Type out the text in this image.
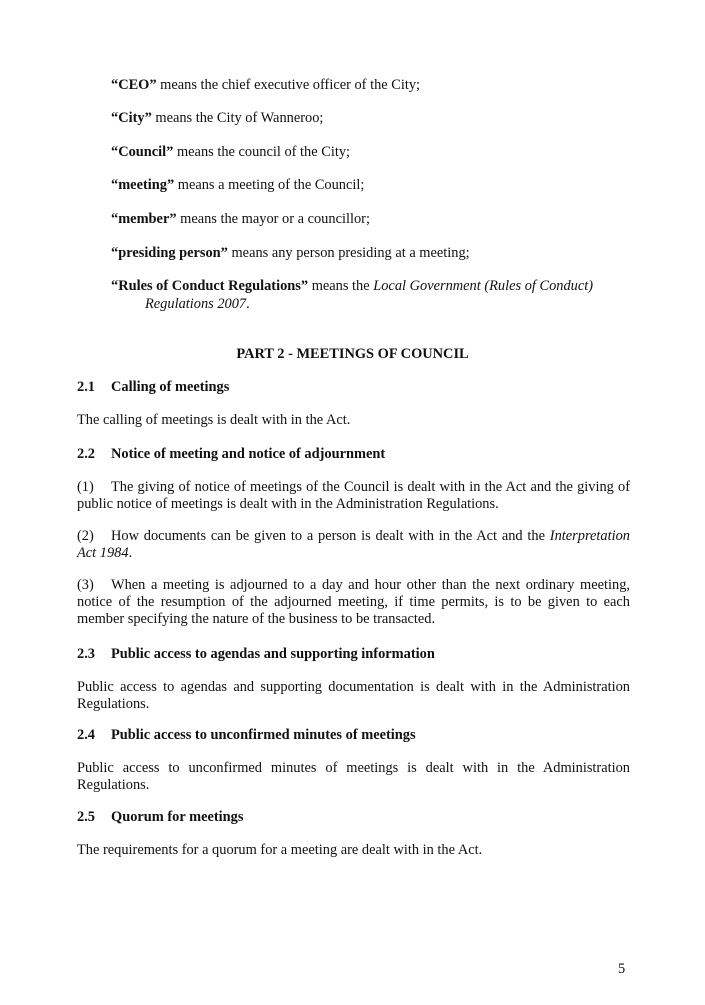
“CEO” means the chief executive officer of the City;
“City” means the City of Wanneroo;
“Council” means the council of the City;
“meeting” means a meeting of the Council;
“member” means the mayor or a councillor;
“presiding person” means any person presiding at a meeting;
“Rules of Conduct Regulations” means the Local Government (Rules of Conduct)
Regulations 2007.
PART 2 - MEETINGS OF COUNCIL
2.1 Calling of meetings
The calling of meetings is dealt with in the Act.
2.2 Notice of meeting and notice of adjournment
(1) The giving of notice of meetings of the Council is dealt with in the Act and the giving of public notice of meetings is dealt with in the Administration Regulations.
(2) How documents can be given to a person is dealt with in the Act and the Interpretation Act 1984.
(3) When a meeting is adjourned to a day and hour other than the next ordinary meeting, notice of the resumption of the adjourned meeting, if time permits, is to be given to each member specifying the nature of the business to be transacted.
2.3 Public access to agendas and supporting information
Public access to agendas and supporting documentation is dealt with in the Administration Regulations.
2.4 Public access to unconfirmed minutes of meetings
Public access to unconfirmed minutes of meetings is dealt with in the Administration Regulations.
2.5 Quorum for meetings
The requirements for a quorum for a meeting are dealt with in the Act.
5
